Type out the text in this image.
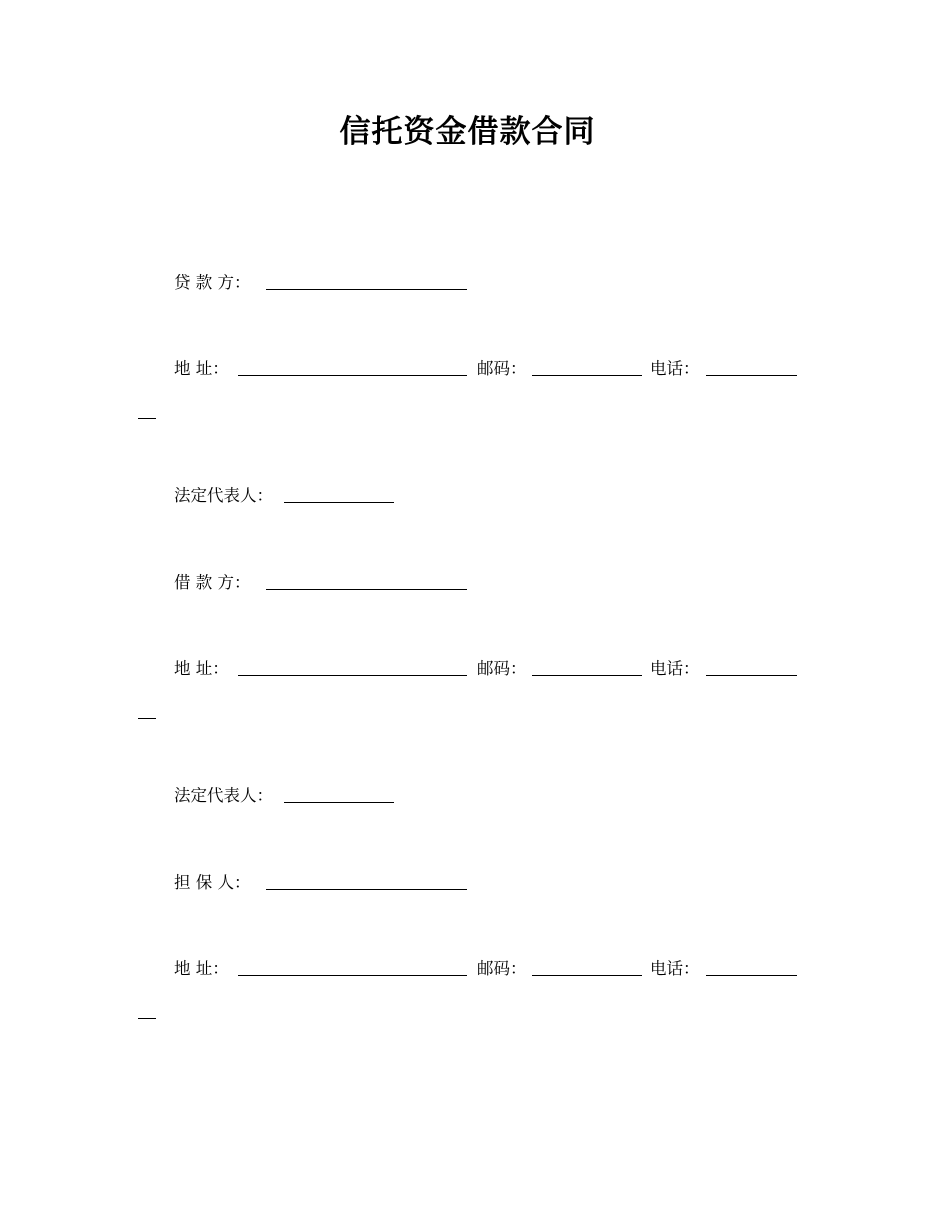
信托资金借款合同
贷 款 方：
地 址：	邮码：	电话：
法定代表人：
借 款 方：
地 址：	邮码：	电话：
法定代表人：
担 保 人：
地 址：	邮码：	电话：
